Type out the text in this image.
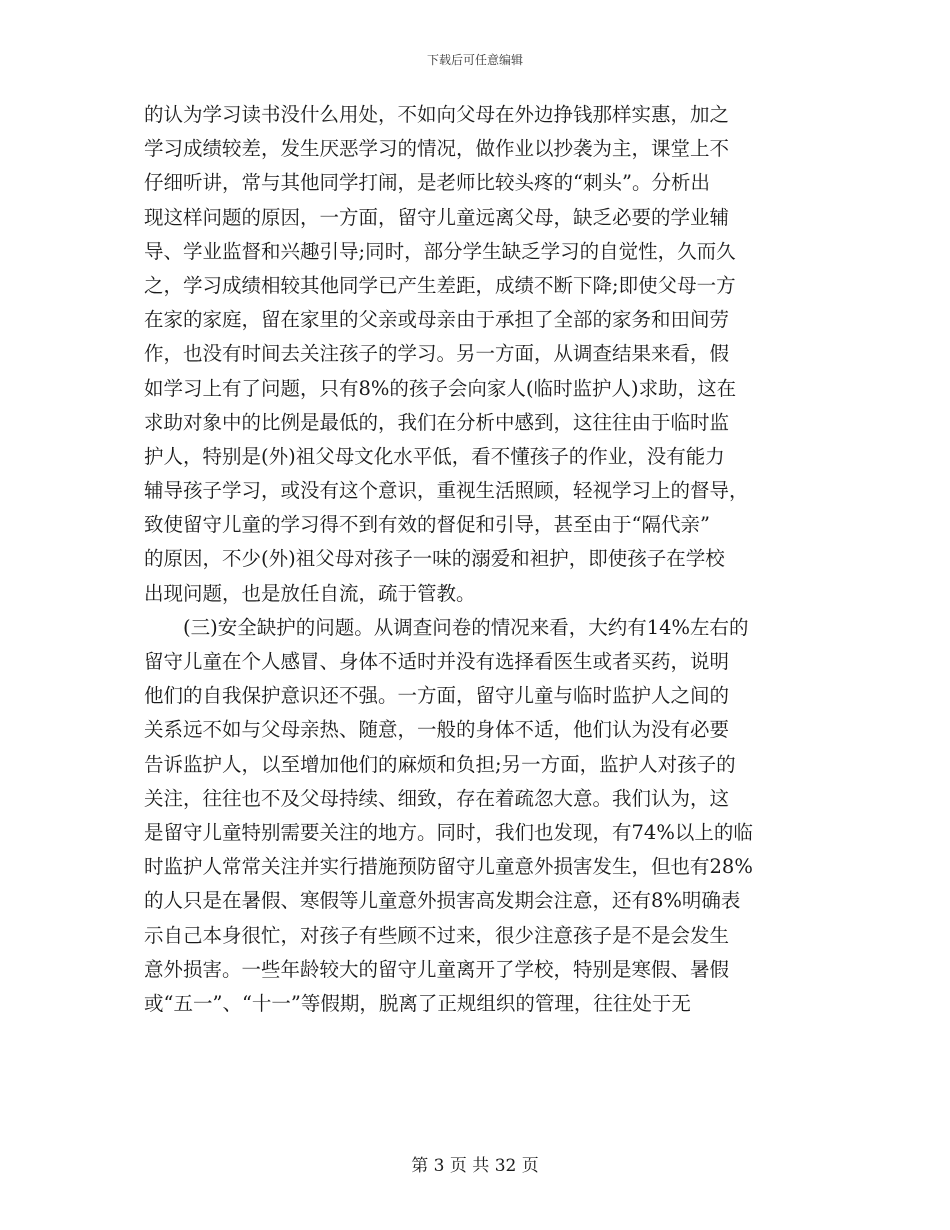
下载后可任意编辑
的认为学习读书没什么用处，不如向父母在外边挣钱那样实惠，加之
学习成绩较差，发生厌恶学习的情况，做作业以抄袭为主，课堂上不
仔细听讲，常与其他同学打闹，是老师比较头疼的“刺头”。分析出
现这样问题的原因，一方面，留守儿童远离父母，缺乏必要的学业辅
导、学业监督和兴趣引导;同时，部分学生缺乏学习的自觉性，久而久
之，学习成绩相较其他同学已产生差距，成绩不断下降;即使父母一方
在家的家庭，留在家里的父亲或母亲由于承担了全部的家务和田间劳
作，也没有时间去关注孩子的学习。另一方面，从调查结果来看，假
如学习上有了问题，只有8%的孩子会向家人(临时监护人)求助，这在
求助对象中的比例是最低的，我们在分析中感到，这往往由于临时监
护人，特别是(外)祖父母文化水平低，看不懂孩子的作业，没有能力
辅导孩子学习，或没有这个意识，重视生活照顾，轻视学习上的督导，
致使留守儿童的学习得不到有效的督促和引导，甚至由于“隔代亲”
的原因，不少(外)祖父母对孩子一味的溺爱和袒护，即使孩子在学校
出现问题，也是放任自流，疏于管教。
　　(三)安全缺护的问题。从调查问卷的情况来看，大约有14%左右的
留守儿童在个人感冒、身体不适时并没有选择看医生或者买药，说明
他们的自我保护意识还不强。一方面，留守儿童与临时监护人之间的
关系远不如与父母亲热、随意，一般的身体不适，他们认为没有必要
告诉监护人，以至增加他们的麻烦和负担;另一方面，监护人对孩子的
关注，往往也不及父母持续、细致，存在着疏忽大意。我们认为，这
是留守儿童特别需要关注的地方。同时，我们也发现，有74%以上的临
时监护人常常关注并实行措施预防留守儿童意外损害发生，但也有28%
的人只是在暑假、寒假等儿童意外损害高发期会注意，还有8%明确表
示自己本身很忙，对孩子有些顾不过来，很少注意孩子是不是会发生
意外损害。一些年龄较大的留守儿童离开了学校，特别是寒假、暑假
或“五一”、“十一”等假期，脱离了正规组织的管理，往往处于无
第 3 页 共 32 页
